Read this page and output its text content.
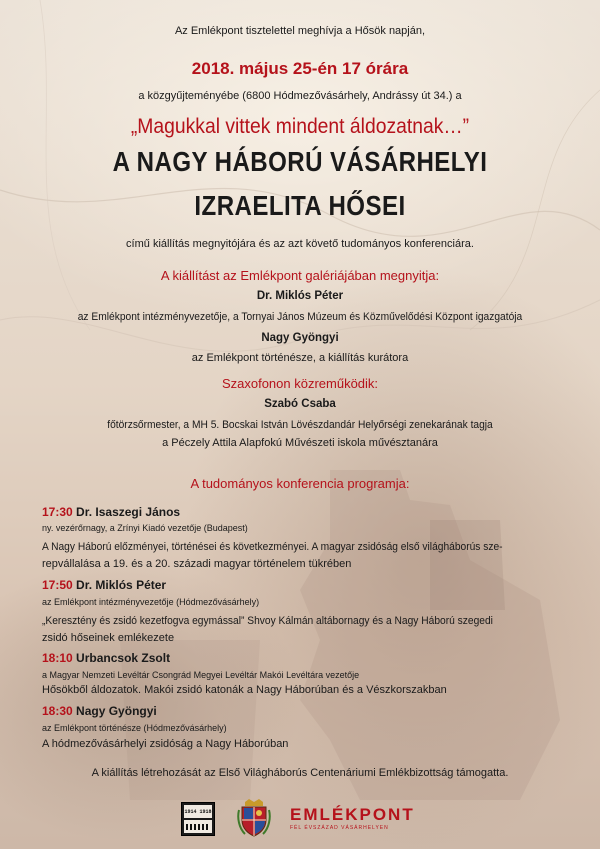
Az Emlékpont tisztelettel meghívja a Hősök napján,
2018. május 25-én 17 órára
a közgyűjteményébe (6800 Hódmezővásárhely, Andrássy út 34.) a
„Magukkal vittek mindent áldozatnak…”
A NAGY HÁBORÚ VÁSÁRHELYI
IZRAELITA HŐSEI
című kiállítás megnyitójára és az azt követő tudományos konferenciára.
A kiállítást az Emlékpont galériájában megnyitja:
Dr. Miklós Péter
az Emlékpont intézményvezetője, a Tornyai János Múzeum és Közművelődési Központ igazgatója
Nagy Gyöngyi
az Emlékpont történésze, a kiállítás kurátora
Szaxofonon közreműködik:
Szabó Csaba
főtörzsőrmester, a MH 5. Bocskai István Lövészdandár Helyőrségi zenekarának tagja
a Péczely Attila Alapfokú Művészeti iskola művésztanára
A tudományos konferencia programja:
17:30 Dr. Isaszegi János
ny. vezérőrnagy, a Zrínyi Kiadó vezetője (Budapest)
A Nagy Háború előzményei, történései és következményei. A magyar zsidóság első világháborús sze-
repvállalása a 19. és a 20. századi magyar történelem tükrében
17:50 Dr. Miklós Péter
az Emlékpont intézményvezetője (Hódmezővásárhely)
„Keresztény és zsidó kezetfogva egymással” Shvoy Kálmán altábornagy és a Nagy Háború szegedi
zsidó hőseinek emlékezete
18:10 Urbancsok Zsolt
a Magyar Nemzeti Levéltár Csongrád Megyei Levéltár Makói Levéltára vezetője
Hősökből áldozatok. Makói zsidó katonák a Nagy Háborúban és a Vészkorszakban
18:30 Nagy Gyöngyi
az Emlékpont történésze (Hódmezővásárhely)
A hódmezővásárhelyi zsidóság a Nagy Háborúban
A kiállítás létrehozását az Első Világháborús Centenáriumi Emlékbizottság támogatta.
1914 1918	EMLÉKPONT
FÉL ÉVSZÁZAD VÁSÁRHELYEN
